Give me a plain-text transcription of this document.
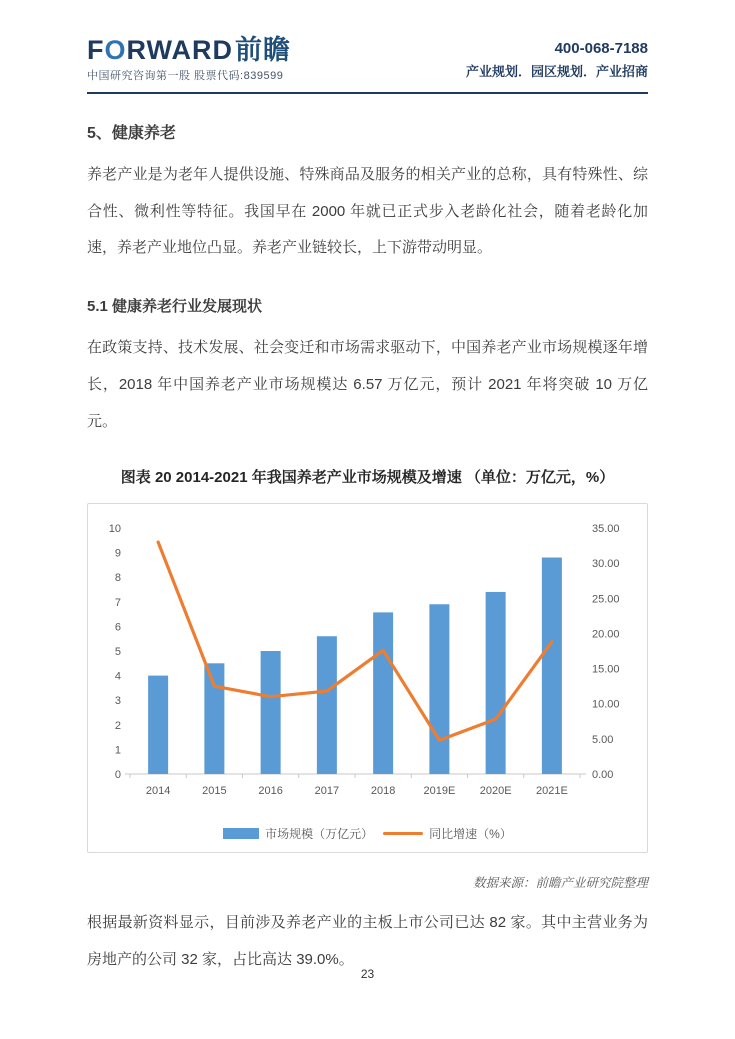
FORWARD前瞻
中国研究咨询第一股 股票代码:839599
400-068-7188
产业规划．园区规划．产业招商
5、健康养老
养老产业是为老年人提供设施、特殊商品及服务的相关产业的总称，具有特殊性、综合性、微利性等特征。我国早在 2000 年就已正式步入老龄化社会，随着老龄化加速，养老产业地位凸显。养老产业链较长，上下游带动明显。
5.1 健康养老行业发展现状
在政策支持、技术发展、社会变迁和市场需求驱动下，中国养老产业市场规模逐年增长，2018 年中国养老产业市场规模达 6.57 万亿元，预计 2021 年将突破 10 万亿元。
图表 20 2014-2021 年我国养老产业市场规模及增速 （单位：万亿元，%）
0
1
2
3
4
5
6
7
8
9
10
0.00
5.00
10.00
15.00
20.00
25.00
30.00
35.00
2014	2015	2016	2017	2018	2019E 2020E 2021E
市场规模（万亿元）	同比增速（%）
数据来源：前瞻产业研究院整理
根据最新资料显示，目前涉及养老产业的主板上市公司已达 82 家。其中主营业务为房地产的公司 32 家，占比高达 39.0%。
23
